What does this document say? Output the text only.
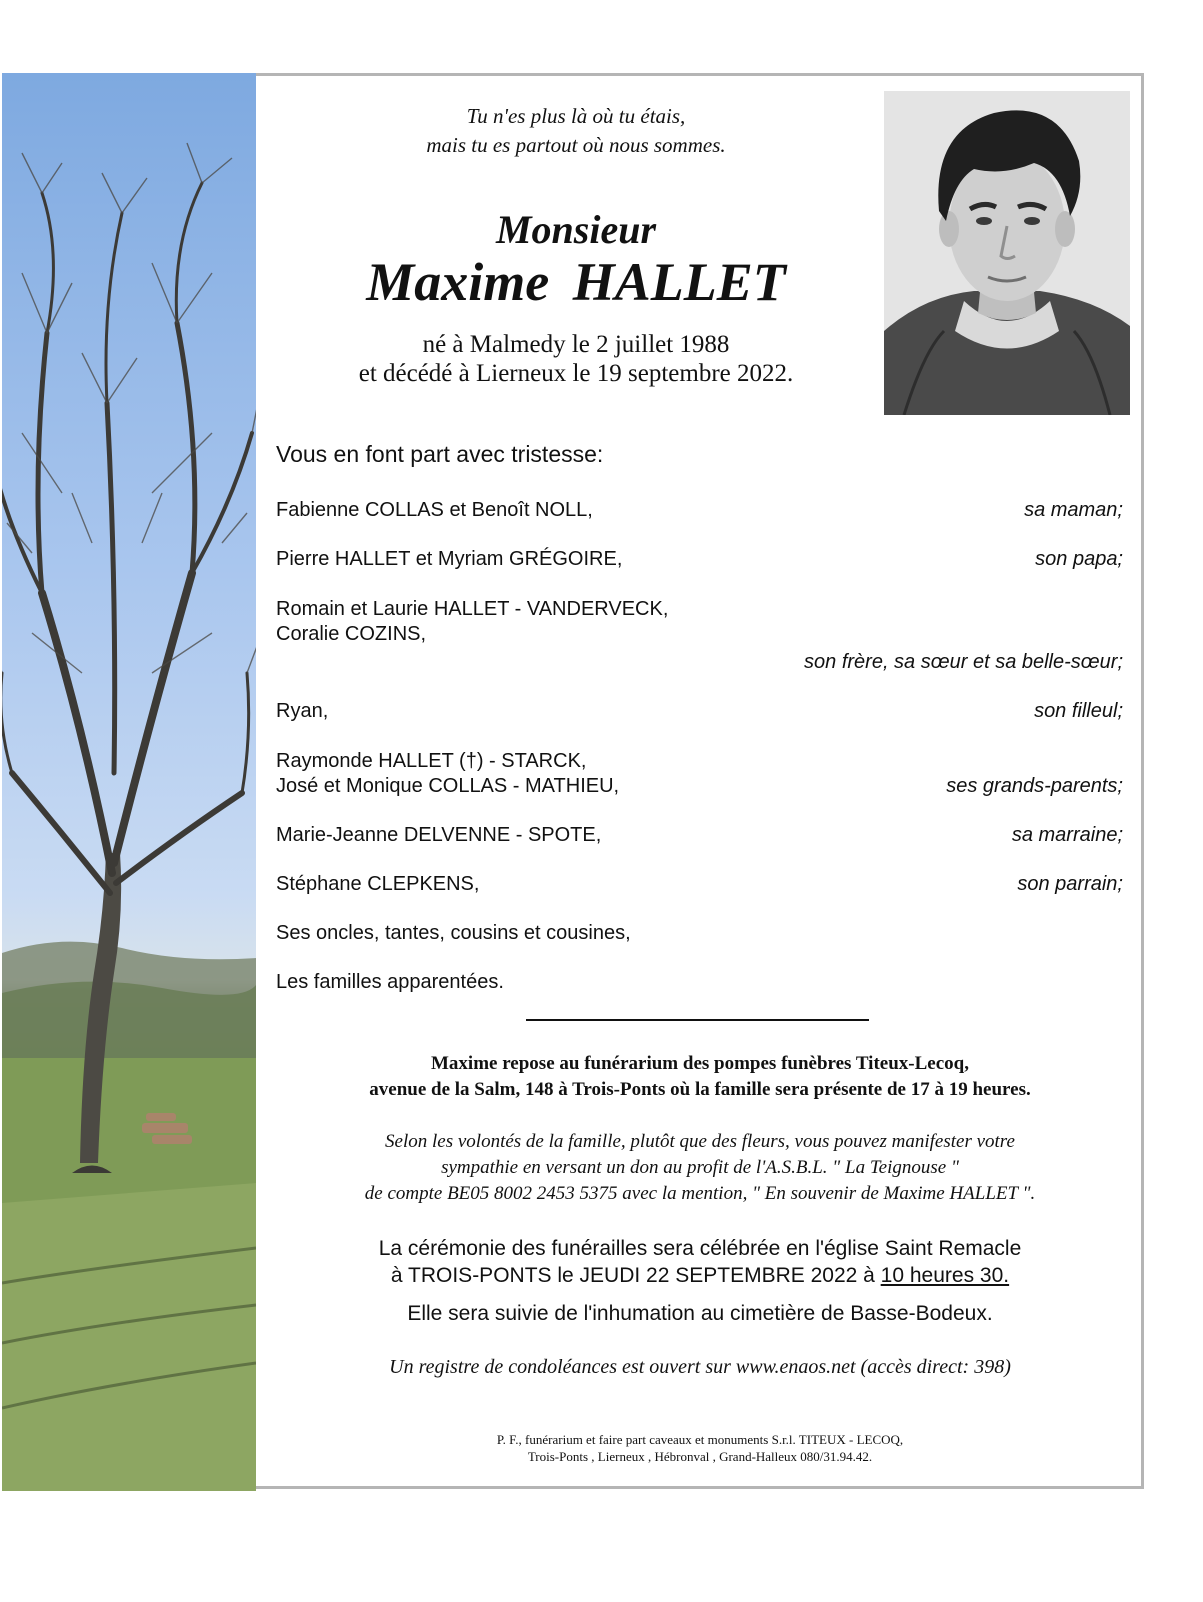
Tu n'es plus là où tu étais,
mais tu es partout où nous sommes.
Monsieur
Maxime HALLET
né à Malmedy le 2 juillet 1988
et décédé à Lierneux le 19 septembre 2022.
Vous en font part avec tristesse:
Fabienne COLLAS et Benoît NOLL,	sa maman;
Pierre HALLET et Myriam GRÉGOIRE,	son papa;
Romain et Laurie HALLET - VANDERVECK,
Coralie COZINS,
son frère, sa sœur et sa belle-sœur;
Ryan,	son filleul;
Raymonde HALLET (†) - STARCK,
José et Monique COLLAS - MATHIEU,	ses grands-parents;
Marie-Jeanne DELVENNE - SPOTE,	sa marraine;
Stéphane CLEPKENS,	son parrain;
Ses oncles, tantes, cousins et cousines,
Les familles apparentées.
Maxime repose au funérarium des pompes funèbres Titeux-Lecoq,
avenue de la Salm, 148 à Trois-Ponts où la famille sera présente de 17 à 19 heures.
Selon les volontés de la famille, plutôt que des fleurs, vous pouvez manifester votre
sympathie en versant un don au profit de l'A.S.B.L. " La Teignouse "
de compte BE05 8002 2453 5375 avec la mention, " En souvenir de Maxime HALLET ".
La cérémonie des funérailles sera célébrée en l'église Saint Remacle
à TROIS-PONTS le JEUDI 22 SEPTEMBRE 2022 à 10 heures 30.
Elle sera suivie de l'inhumation au cimetière de Basse-Bodeux.
Un registre de condoléances est ouvert sur www.enaos.net (accès direct: 398)
P. F., funérarium et faire part caveaux et monuments S.r.l. TITEUX - LECOQ,
Trois-Ponts , Lierneux , Hébronval , Grand-Halleux 080/31.94.42.
